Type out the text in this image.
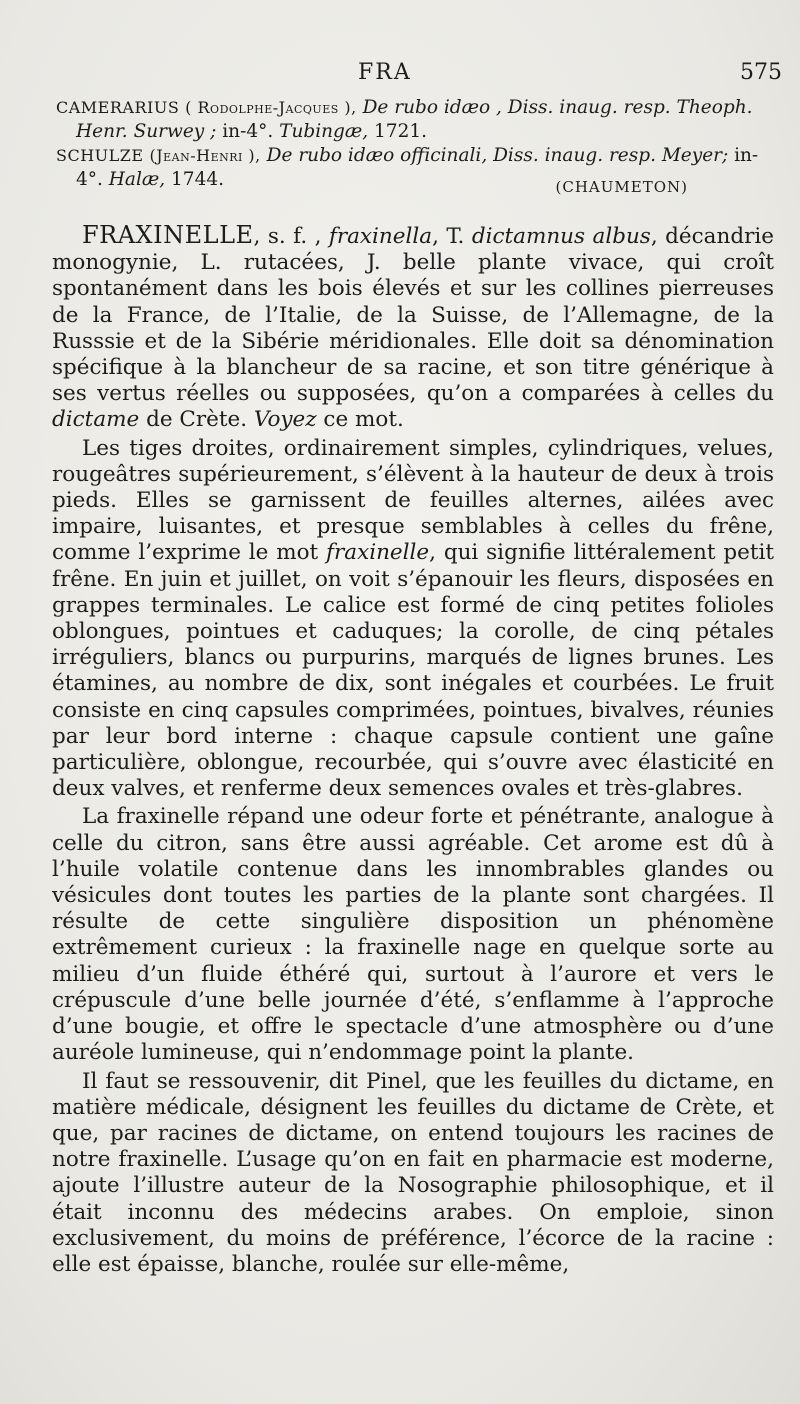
FRA	575

CAMERARIUS ( Rodolphe-Jacques ), De rubo idæo , Diss. inaug. resp. Theoph. Henr. Surwey ; in-4°. Tubingæ, 1721.

SCHULZE (Jean-Henri ), De rubo idæo officinali, Diss. inaug. resp. Meyer; in-4°. Halæ, 1744.	(CHAUMETON)

FRAXINELLE, s. f. , fraxinella, T. dictamnus albus, décandrie monogynie, L. rutacées, J. belle plante vivace, qui croît spontanément dans les bois élevés et sur les collines pierreuses de la France, de l’Italie, de la Suisse, de l’Allemagne, de la Russsie et de la Sibérie méridionales. Elle doit sa dénomination spécifique à la blancheur de sa racine, et son titre générique à ses vertus réelles ou supposées, qu’on a comparées à celles du dictame de Crète. Voyez ce mot.

Les tiges droites, ordinairement simples, cylindriques, velues, rougeâtres supérieurement, s’élèvent à la hauteur de deux à trois pieds. Elles se garnissent de feuilles alternes, ailées avec impaire, luisantes, et presque semblables à celles du frêne, comme l’exprime le mot fraxinelle, qui signifie littéralement petit frêne. En juin et juillet, on voit s’épanouir les fleurs, disposées en grappes terminales. Le calice est formé de cinq petites folioles oblongues, pointues et caduques; la corolle, de cinq pétales irréguliers, blancs ou purpurins, marqués de lignes brunes. Les étamines, au nombre de dix, sont inégales et courbées. Le fruit consiste en cinq capsules comprimées, pointues, bivalves, réunies par leur bord interne : chaque capsule contient une gaîne particulière, oblongue, recourbée, qui s’ouvre avec élasticité en deux valves, et renferme deux semences ovales et très-glabres.

La fraxinelle répand une odeur forte et pénétrante, analogue à celle du citron, sans être aussi agréable. Cet arome est dû à l’huile volatile contenue dans les innombrables glandes ou vésicules dont toutes les parties de la plante sont chargées. Il résulte de cette singulière disposition un phénomène extrêmement curieux : la fraxinelle nage en quelque sorte au milieu d’un fluide éthéré qui, surtout à l’aurore et vers le crépuscule d’une belle journée d’été, s’enflamme à l’approche d’une bougie, et offre le spectacle d’une atmosphère ou d’une auréole lumineuse, qui n’endommage point la plante.

Il faut se ressouvenir, dit Pinel, que les feuilles du dictame, en matière médicale, désignent les feuilles du dictame de Crète, et que, par racines de dictame, on entend toujours les racines de notre fraxinelle. L’usage qu’on en fait en pharmacie est moderne, ajoute l’illustre auteur de la Nosographie philosophique, et il était inconnu des médecins arabes. On emploie, sinon exclusivement, du moins de préférence, l’écorce de la racine : elle est épaisse, blanche, roulée sur elle-même,
